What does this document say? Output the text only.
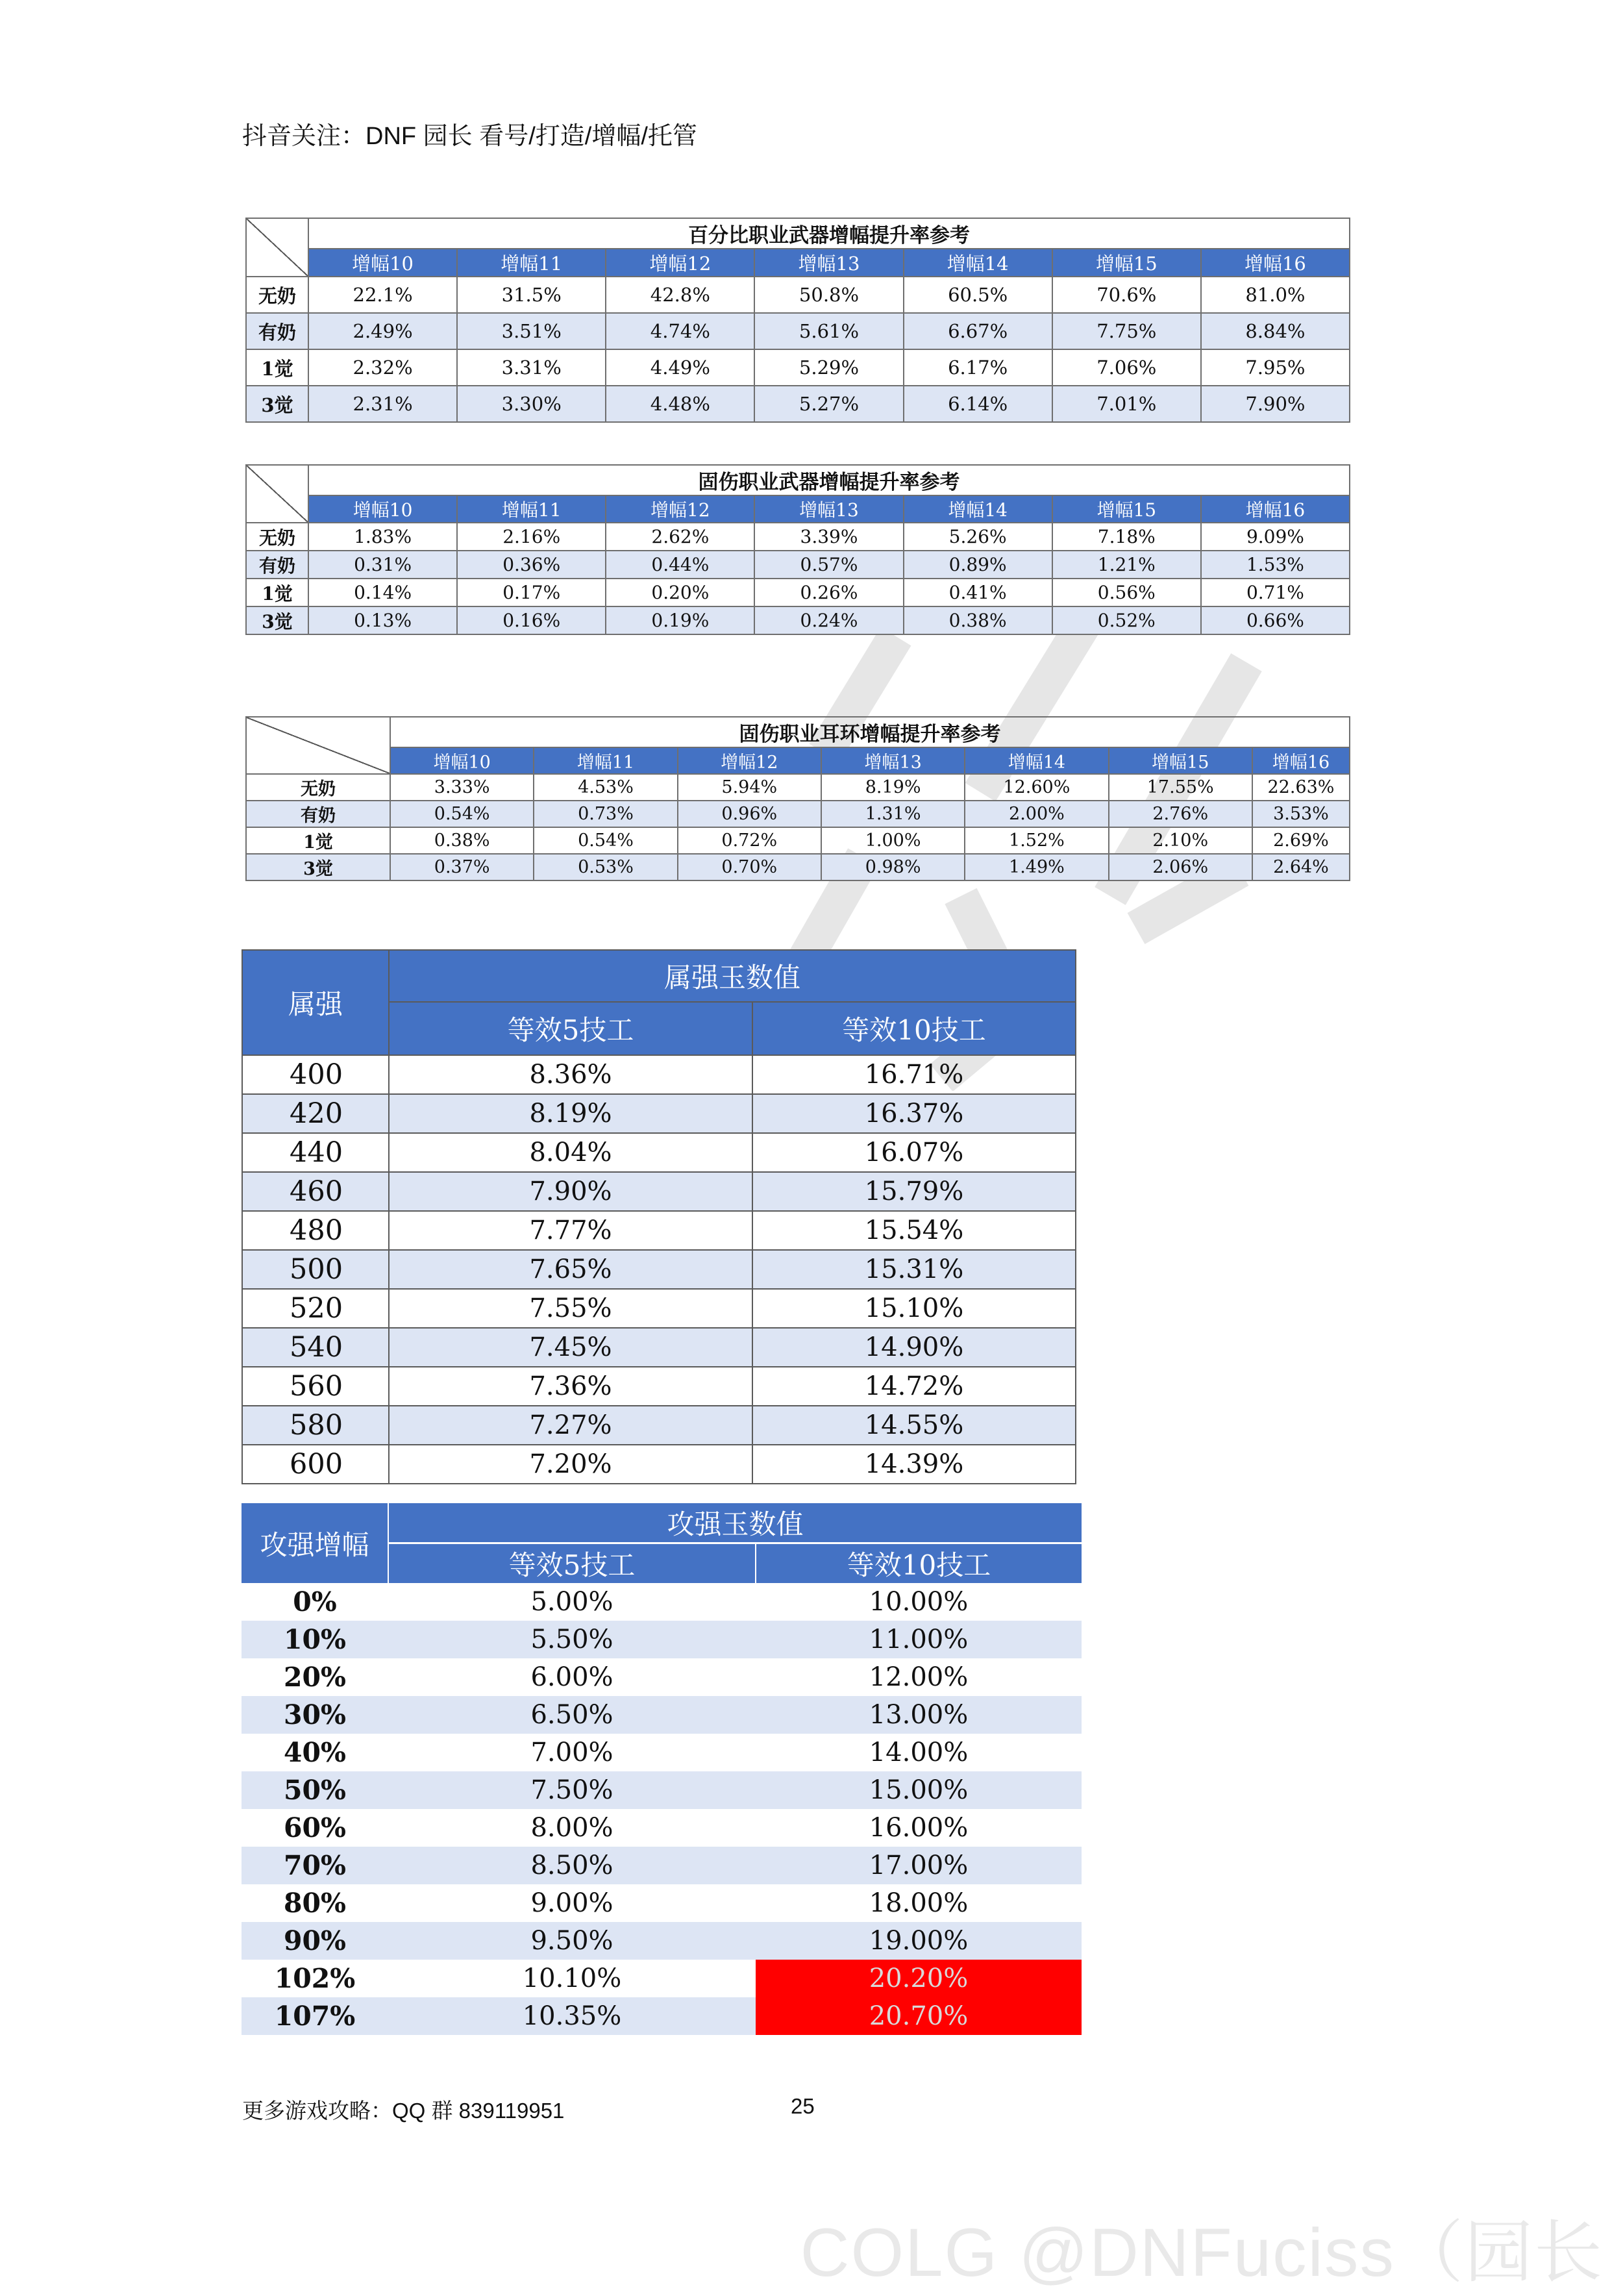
抖音关注：DNF 园长 看号/打造/增幅/托管
	百分比职业武器增幅提升率参考						
	增幅10	增幅11	增幅12	增幅13	增幅14	增幅15	增幅16
无奶	22.1%	31.5%	42.8%	50.8%	60.5%	70.6%	81.0%
有奶	2.49%	3.51%	4.74%	5.61%	6.67%	7.75%	8.84%
1觉	2.32%	3.31%	4.49%	5.29%	6.17%	7.06%	7.95%
3觉	2.31%	3.30%	4.48%	5.27%	6.14%	7.01%	7.90%
	固伤职业武器增幅提升率参考						
	增幅10	增幅11	增幅12	增幅13	增幅14	增幅15	增幅16
无奶	1.83%	2.16%	2.62%	3.39%	5.26%	7.18%	9.09%
有奶	0.31%	0.36%	0.44%	0.57%	0.89%	1.21%	1.53%
1觉	0.14%	0.17%	0.20%	0.26%	0.41%	0.56%	0.71%
3觉	0.13%	0.16%	0.19%	0.24%	0.38%	0.52%	0.66%
	固伤职业耳环增幅提升率参考						
	增幅10	增幅11	增幅12	增幅13	增幅14	增幅15	增幅16
无奶	3.33%	4.53%	5.94%	8.19%	12.60%	17.55%	22.63%
有奶	0.54%	0.73%	0.96%	1.31%	2.00%	2.76%	3.53%
1觉	0.38%	0.54%	0.72%	1.00%	1.52%	2.10%	2.69%
3觉	0.37%	0.53%	0.70%	0.98%	1.49%	2.06%	2.64%
属强	属强玉数值	
	等效5技工	等效10技工
400	8.36%	16.71%
420	8.19%	16.37%
440	8.04%	16.07%
460	7.90%	15.79%
480	7.77%	15.54%
500	7.65%	15.31%
520	7.55%	15.10%
540	7.45%	14.90%
560	7.36%	14.72%
580	7.27%	14.55%
600	7.20%	14.39%
攻强增幅	攻强玉数值	
	等效5技工	等效10技工
0%	5.00%	10.00%
10%	5.50%	11.00%
20%	6.00%	12.00%
30%	6.50%	13.00%
40%	7.00%	14.00%
50%	7.50%	15.00%
60%	8.00%	16.00%
70%	8.50%	17.00%
80%	9.00%	18.00%
90%	9.50%	19.00%
102%	10.10%	20.20%
107%	10.35%	20.70%
更多游戏攻略：QQ 群 839119951	25
COLG @DNFuciss（园长
